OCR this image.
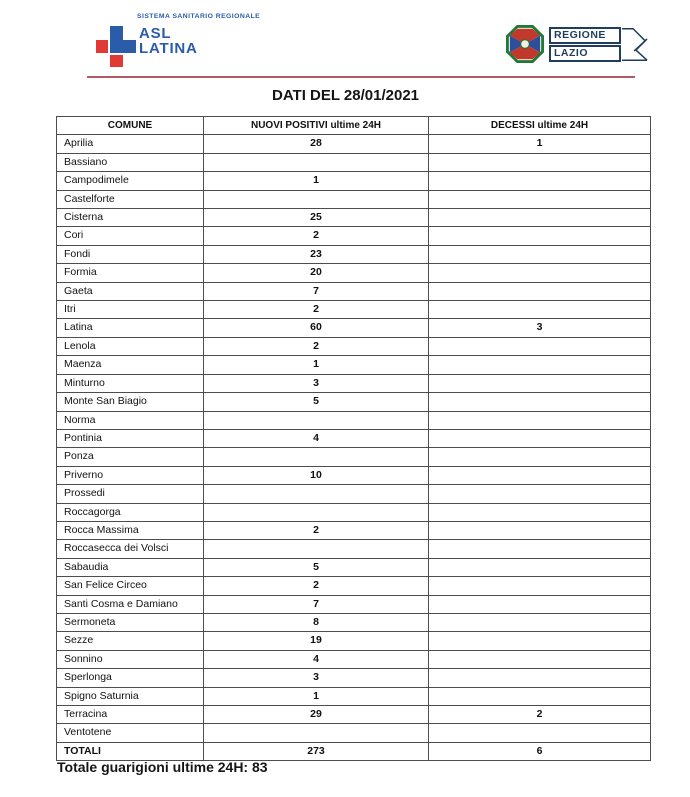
SISTEMA SANITARIO REGIONALE
ASL
LATINA
REGIONE
LAZIO
DATI DEL 28/01/2021
COMUNE	NUOVI POSITIVI ultime 24H	DECESSI ultime 24H
Aprilia	28	1
Bassiano		
Campodimele	1	
Castelforte		
Cisterna	25	
Cori	2	
Fondi	23	
Formia	20	
Gaeta	7	
Itri	2	
Latina	60	3
Lenola	2	
Maenza	1	
Minturno	3	
Monte San Biagio	5	
Norma		
Pontinia	4	
Ponza		
Priverno	10	
Prossedi		
Roccagorga		
Rocca Massima	2	
Roccasecca dei Volsci		
Sabaudia	5	
San Felice Circeo	2	
Santi Cosma e Damiano	7	
Sermoneta	8	
Sezze	19	
Sonnino	4	
Sperlonga	3	
Spigno Saturnia	1	
Terracina	29	2
Ventotene		
TOTALI	273	6
Totale guarigioni ultime 24H: 83
